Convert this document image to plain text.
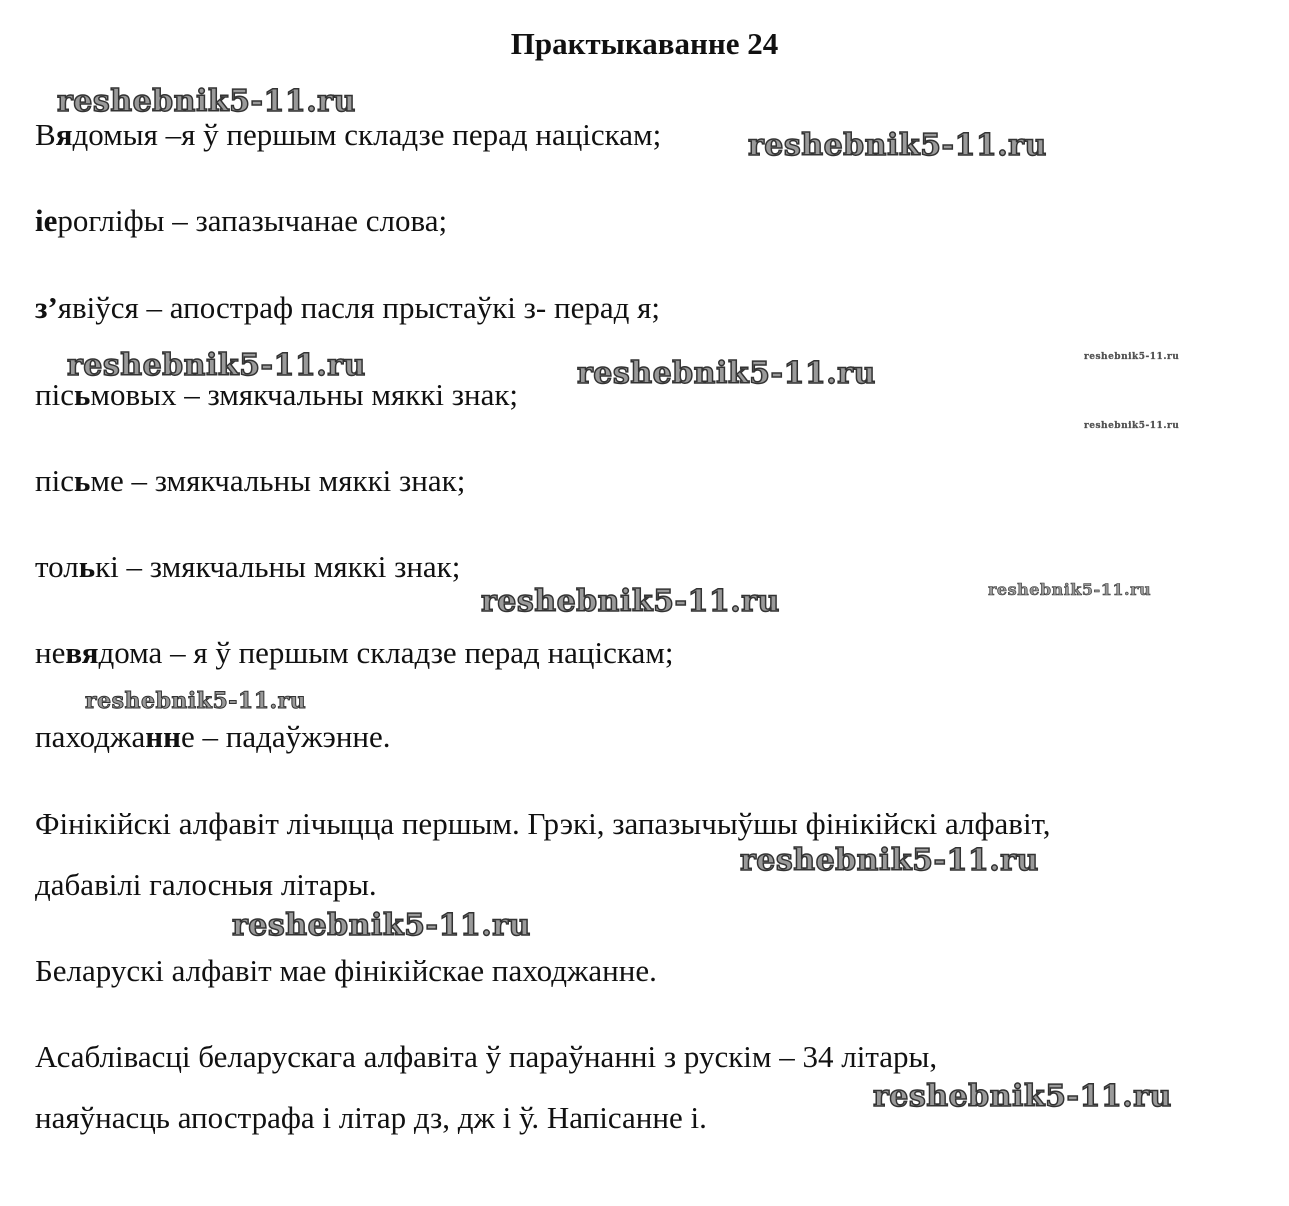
Практыкаванне 24
Вядомыя –я ў першым складзе перад націскам;
іерогліфы – запазычанае слова;
з’явіўся – апостраф пасля прыстаўкі з- перад я;
пісьмовых – змякчальны мяккі знак;
пісьме – змякчальны мяккі знак;
толькі – змякчальны мяккі знак;
невядома – я ў першым складзе перад націскам;
паходжанне – падаўжэнне.
Фінікійскі алфавіт лічыцца першым. Грэкі, запазычыўшы фінікійскі алфавіт,
дабавілі галосныя літары.
Беларускі алфавіт мае фінікійскае паходжанне.
Асаблівасці беларускага алфавіта ў параўнанні з рускім – 34 літары,
наяўнасць апострафа і літар дз, дж і ў. Напісанне і.
reshebnik5-11.ru
reshebnik5-11.ru
reshebnik5-11.ru	reshebnik5-11.ru	reshebnik5-11.ru
reshebnik5-11.ru
reshebnik5-11.ru	reshebnik5-11.ru
reshebnik5-11.ru
reshebnik5-11.ru
reshebnik5-11.ru
reshebnik5-11.ru
